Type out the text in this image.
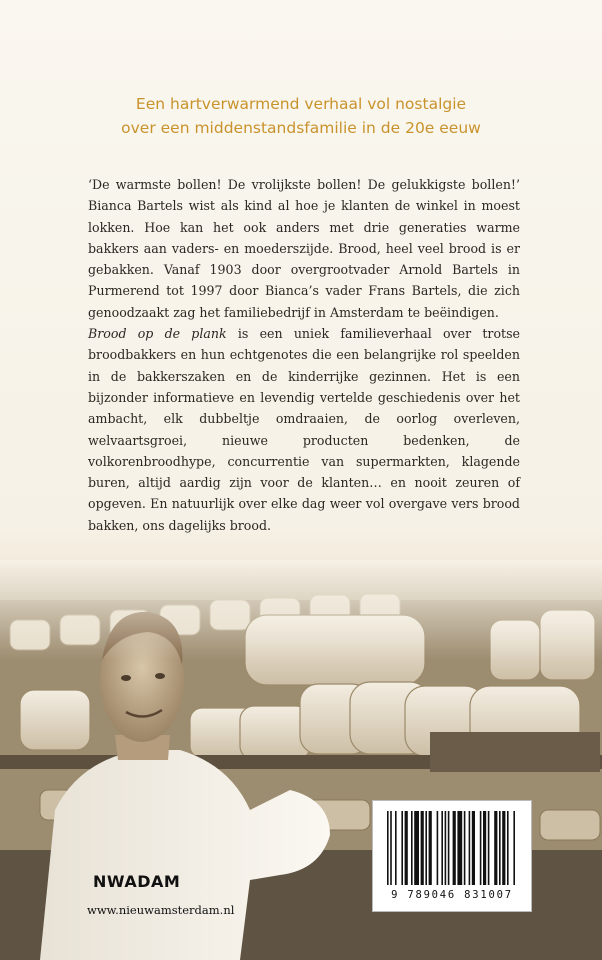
Een hartverwarmend verhaal vol nostalgie
over een middenstandsfamilie in de 20e eeuw

‘De warmste bollen! De vrolijkste bollen! De gelukkigste bollen!’ Bianca Bartels wist als kind al hoe je klanten de winkel in moest lokken. Hoe kan het ook anders met drie generaties warme bakkers aan vaders- en moederszijde. Brood, heel veel brood is er gebakken. Vanaf 1903 door overgrootvader Arnold Bartels in Purmerend tot 1997 door Bianca’s vader Frans Bartels, die zich genoodzaakt zag het familiebedrijf in Amsterdam te beëindigen.

Brood op de plank is een uniek familieverhaal over trotse broodbakkers en hun echtgenotes die een belangrijke rol speelden in de bakkerszaken en de kinderrijke gezinnen. Het is een bijzonder informatieve en levendig vertelde geschiedenis over het ambacht, elk dubbeltje omdraaien, de oorlog overleven, welvaartsgroei, nieuwe producten bedenken, de volkorenbroodhype, concurrentie van supermarkten, klagende buren, altijd aardig zijn voor de klanten… en nooit zeuren of opgeven. En natuurlijk over elke dag weer vol overgave vers brood bakken, ons dagelijks brood.

NWADAM
www.nieuwamsterdam.nl
9 789046 831007
